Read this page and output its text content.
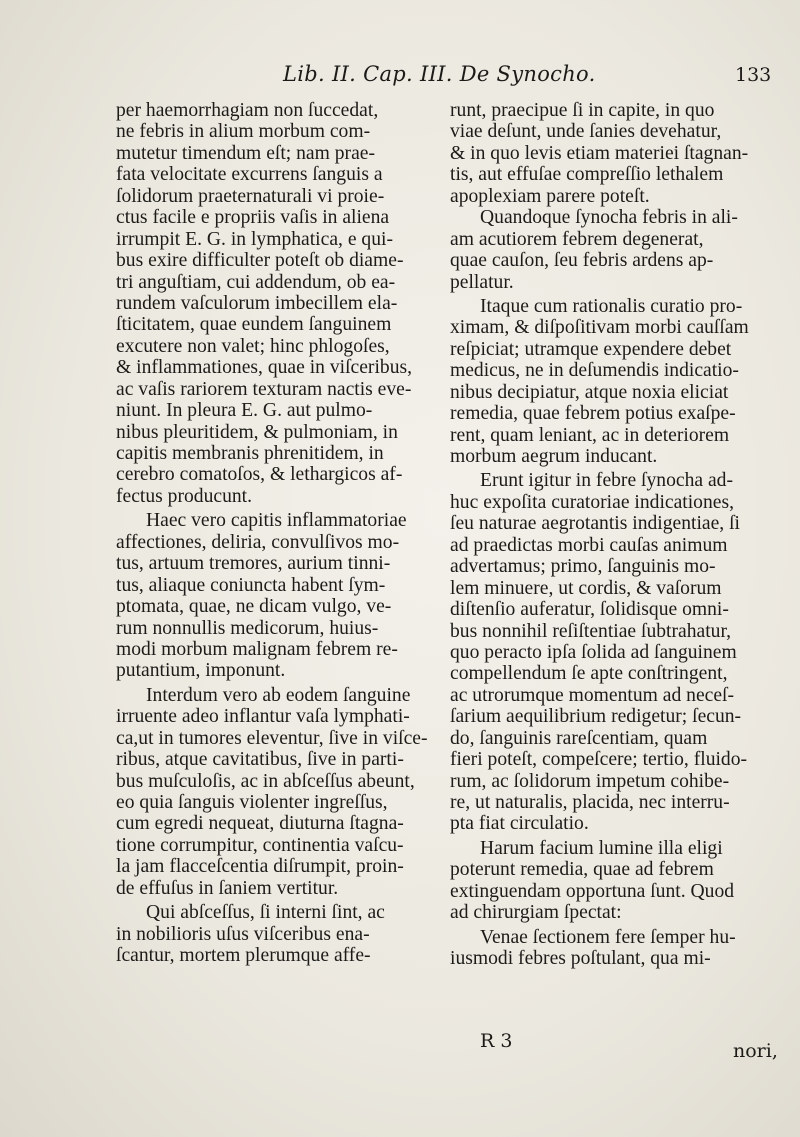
Lib. II. Cap. III. De Synocho.	133
per haemorrhagiam non ſuccedat,
ne febris in alium morbum com-
mutetur timendum eſt; nam prae-
fata velocitate excurrens ſanguis a
ſolidorum praeternaturali vi proie-
ctus facile e propriis vaſis in aliena
irrumpit E. G. in lymphatica, e qui-
bus exire difficulter poteſt ob diame-
tri anguſtiam, cui addendum, ob ea-
rundem vaſculorum imbecillem ela-
ſticitatem, quae eundem ſanguinem
excutere non valet; hinc phlogoſes,
& inflammationes, quae in viſceribus,
ac vaſis rariorem texturam nactis eve-
niunt. In pleura E. G. aut pulmo-
nibus pleuritidem, & pulmoniam, in
capitis membranis phrenitidem, in
cerebro comatoſos, & lethargicos af-
fectus producunt.
Haec vero capitis inflammatoriae
affectiones, deliria, convulſivos mo-
tus, artuum tremores, aurium tinni-
tus, aliaque coniuncta habent ſym-
ptomata, quae, ne dicam vulgo, ve-
rum nonnullis medicorum, huius-
modi morbum malignam febrem re-
putantium, imponunt.
Interdum vero ab eodem ſanguine
irruente adeo inflantur vaſa lymphati-
ca,ut in tumores eleventur, ſive in viſce-
ribus, atque cavitatibus, ſive in parti-
bus muſculoſis, ac in abſceſſus abeunt,
eo quia ſanguis violenter ingreſſus,
cum egredi nequeat, diuturna ſtagna-
tione corrumpitur, continentia vaſcu-
la jam flacceſcentia diſrumpit, proin-
de effuſus in ſaniem vertitur.
Qui abſceſſus, ſi interni ſint, ac
in nobilioris uſus viſceribus ena-
ſcantur, mortem plerumque affe-
runt, praecipue ſi in capite, in quo
viae deſunt, unde ſanies devehatur,
& in quo levis etiam materiei ſtagnan-
tis, aut effuſae compreſſio lethalem
apoplexiam parere poteſt.
Quandoque ſynocha febris in ali-
am acutiorem febrem degenerat,
quae cauſon, ſeu febris ardens ap-
pellatur.
Itaque cum rationalis curatio pro-
ximam, & diſpoſitivam morbi cauſſam
reſpiciat; utramque expendere debet
medicus, ne in deſumendis indicatio-
nibus decipiatur, atque noxia eliciat
remedia, quae febrem potius exaſpe-
rent, quam leniant, ac in deteriorem
morbum aegrum inducant.
Erunt igitur in febre ſynocha ad-
huc expoſita curatoriae indicationes,
ſeu naturae aegrotantis indigentiae, ſi
ad praedictas morbi cauſas animum
advertamus; primo, ſanguinis mo-
lem minuere, ut cordis, & vaſorum
diſtenſio auferatur, ſolidisque omni-
bus nonnihil reſiſtentiae ſubtrahatur,
quo peracto ipſa ſolida ad ſanguinem
compellendum ſe apte conſtringent,
ac utrorumque momentum ad neceſ-
ſarium aequilibrium redigetur; ſecun-
do, ſanguinis rareſcentiam, quam
fieri poteſt, compeſcere; tertio, fluido-
rum, ac ſolidorum impetum cohibe-
re, ut naturalis, placida, nec interru-
pta fiat circulatio.
Harum facium lumine illa eligi
poterunt remedia, quae ad febrem
extinguendam opportuna ſunt. Quod
ad chirurgiam ſpectat:
Venae ſectionem fere ſemper hu-
iusmodi febres poſtulant, qua mi-
R 3	nori,
